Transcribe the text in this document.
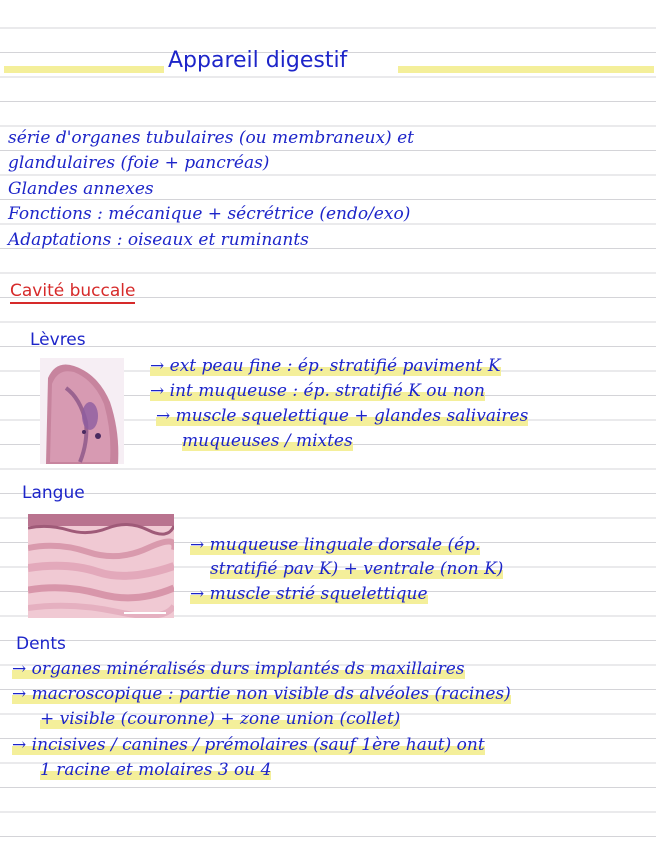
Appareil digestif

série d'organes tubulaires (ou membraneux) et

glandulaires (foie + pancréas)

Glandes annexes

Fonctions : mécanique + sécrétrice (endo/exo)

Adaptations : oiseaux et ruminants

Cavité buccale

Lèvres

→ ext peau fine : ép. stratifié paviment K

→ int muqueuse : ép. stratifié K ou non

→ muscle squelettique + glandes salivaires

muqueuses / mixtes

Langue

→ muqueuse linguale dorsale (ép.

stratifié pav K) + ventrale (non K)

→ muscle strié squelettique

Dents

→ organes minéralisés durs implantés ds maxillaires

→ macroscopique : partie non visible ds alvéoles (racines)

+ visible (couronne) + zone union (collet)

→ incisives / canines / prémolaires (sauf 1ère haut) ont

1 racine et molaires 3 ou 4
